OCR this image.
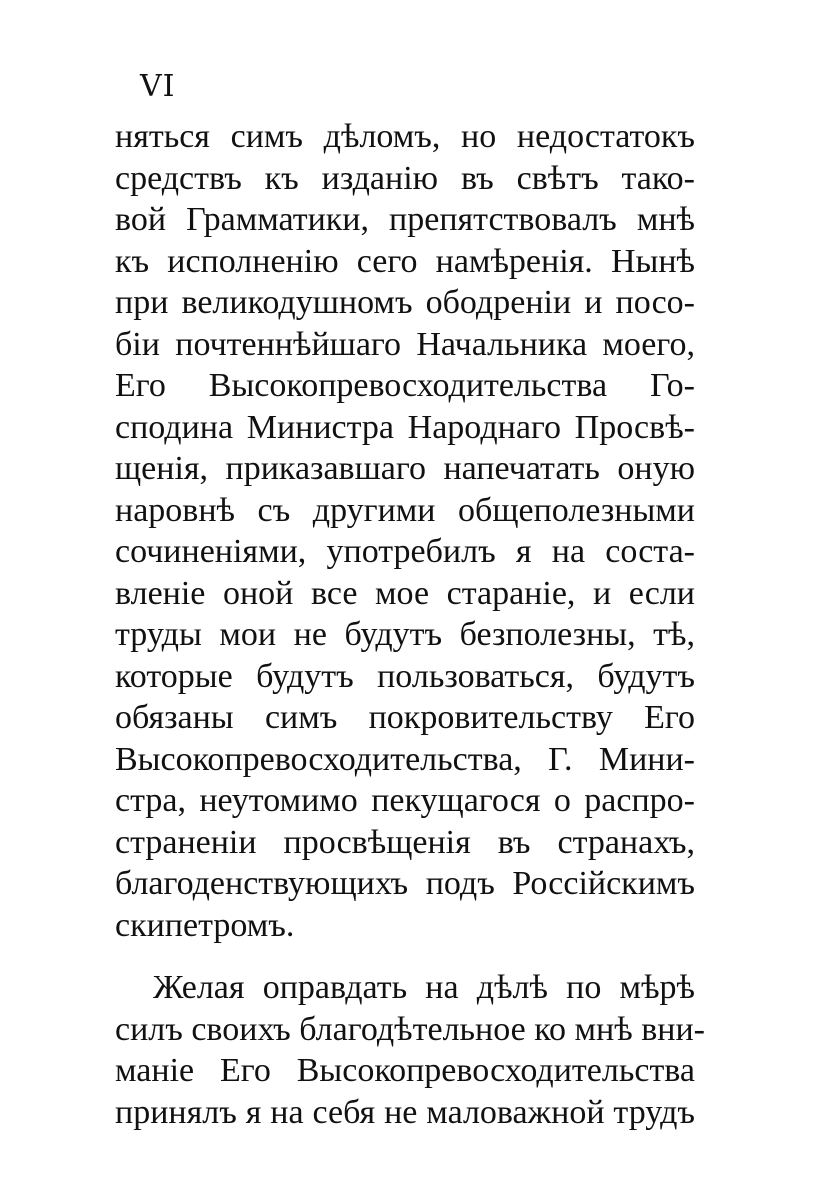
VI
няться симъ дѣломъ, но недостатокъ
средствъ къ изданію въ свѣтъ тако-
вой Грамматики, препятствовалъ мнѣ
къ исполненію сего намѣренія. Нынѣ
при великодушномъ ободреніи и посо-
біи почтеннѣйшаго Начальника моего,
Его Высокопревосходительства Го-
сподина Министра Народнаго Просвѣ-
щенія, приказавшаго напечатать оную
наровнѣ съ другими общеполезными
сочиненіями, употребилъ я на соста-
вленіе оной все мое стараніе, и если
труды мои не будутъ безполезны, тѣ,
которые будутъ пользоваться, будутъ
обязаны симъ покровительству Его
Высокопревосходительства, Г. Мини-
стра, неутомимо пекущагося о распро-
страненіи просвѣщенія въ странахъ,
благоденствующихъ подъ Россійскимъ
скипетромъ.
Желая оправдать на дѣлѣ по мѣрѣ
силъ своихъ благодѣтельное ко мнѣ вни-
маніе Его Высокопревосходительства
принялъ я на себя не маловажной трудъ
